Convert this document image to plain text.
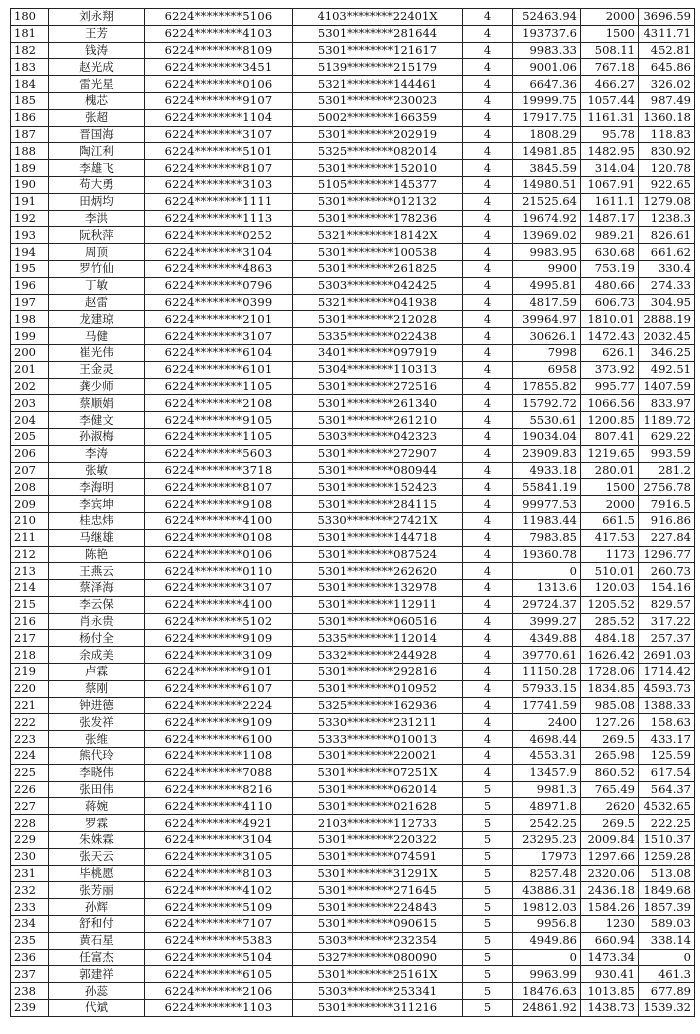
180	刘永翔	6224********5106	4103********22401X	4	52463.94	2000	3696.59
181	王芳	6224********4103	5301********281644	4	193737.6	1500	4311.71
182	钱涛	6224********8109	5301********121617	4	9983.33	508.11	452.81
183	赵光成	6224********3451	5139********215179	4	9001.06	767.18	645.86
184	雷光星	6224********0106	5321********144461	4	6647.36	466.27	326.02
185	槐芯	6224********9107	5301********230023	4	19999.75	1057.44	987.49
186	张超	6224********1104	5002********166359	4	17917.75	1161.31	1360.18
187	晋国海	6224********3107	5301********202919	4	1808.29	95.78	118.83
188	陶江利	6224********5101	5325********082014	4	14981.85	1482.95	830.92
189	李雄飞	6224********8107	5301********152010	4	3845.59	314.04	120.78
190	苟大勇	6224********3103	5105********145377	4	14980.51	1067.91	922.65
191	田炳均	6224********1111	5301********012132	4	21525.64	1611.1	1279.08
192	李洪	6224********1113	5301********178236	4	19674.92	1487.17	1238.3
193	阮秋萍	6224********0252	5321********18142X	4	13969.02	989.21	826.61
194	周顶	6224********3104	5301********100538	4	9983.95	630.68	661.62
195	罗竹仙	6224********4863	5301********261825	4	9900	753.19	330.4
196	丁敏	6224********0796	5303********042425	4	4995.81	480.66	274.33
197	赵雷	6224********0399	5321********041938	4	4817.59	606.73	304.95
198	龙建琼	6224********2101	5301********212028	4	39964.97	1810.01	2888.19
199	马健	6224********3107	5335********022438	4	30626.1	1472.43	2032.45
200	崔光伟	6224********6104	3401********097919	4	7998	626.1	346.25
201	王金灵	6224********6101	5304********110313	4	6958	373.92	492.51
202	龚少师	6224********1105	5301********272516	4	17855.82	995.77	1407.59
203	蔡顺娟	6224********2108	5301********261340	4	15792.72	1066.56	833.97
204	李健文	6224********9105	5301********261210	4	5530.61	1200.85	1189.72
205	孙淑梅	6224********1105	5303********042323	4	19034.04	807.41	629.22
206	李涛	6224********5603	5301********272907	4	23909.83	1219.65	993.59
207	张敏	6224********3718	5301********080944	4	4933.18	280.01	281.2
208	李海明	6224********8107	5301********152423	4	55841.19	1500	2756.78
209	李宾坤	6224********9108	5301********284115	4	99977.53	2000	7916.5
210	桂忠炜	6224********4100	5330********27421X	4	11983.44	661.5	916.86
211	马继雄	6224********0108	5301********144718	4	7983.85	417.53	227.84
212	陈艳	6224********0106	5301********087524	4	19360.78	1173	1296.77
213	王燕云	6224********0110	5301********262620	4	0	510.01	260.73
214	蔡泽海	6224********3107	5301********132978	4	1313.6	120.03	154.16
215	李云保	6224********4100	5301********112911	4	29724.37	1205.52	829.57
216	肖永贵	6224********5102	5301********060516	4	3999.27	285.52	317.22
217	杨付全	6224********9109	5335********112014	4	4349.88	484.18	257.37
218	余成美	6224********3109	5332********244928	4	39770.61	1626.42	2691.03
219	卢霖	6224********9101	5301********292816	4	11150.28	1728.06	1714.42
220	蔡刚	6224********6107	5301********010952	4	57933.15	1834.85	4593.73
221	钟进德	6224********2224	5325********162936	4	17741.59	985.08	1388.33
222	张发祥	6224********9109	5330********231211	4	2400	127.26	158.63
223	张维	6224********6100	5333********010013	4	4698.44	269.5	433.17
224	熊代玲	6224********1108	5301********220021	4	4553.31	265.98	125.59
225	李晓伟	6224********7088	5301********07251X	4	13457.9	860.52	617.54
226	张田伟	6224********8216	5301********062014	5	9981.3	765.49	564.37
227	蒋婉	6224********4110	5301********021628	5	48971.8	2620	4532.65
228	罗霖	6224********4921	2103********112733	5	2542.25	269.5	222.25
229	朱姝霖	6224********3104	5301********220322	5	23295.23	2009.84	1510.37
230	张天云	6224********3105	5301********074591	5	17973	1297.66	1259.28
231	毕桃愿	6224********8103	5301********31291X	5	8257.48	2320.06	513.08
232	张芳丽	6224********4102	5301********271645	5	43886.31	2436.18	1849.68
233	孙辉	6224********5109	5301********224843	5	19812.03	1584.26	1857.39
234	舒和付	6224********7107	5301********090615	5	9956.8	1230	589.03
235	黄石星	6224********5383	5303********232354	5	4949.86	660.94	338.14
236	任富杰	6224********5104	5327********080090	5	0	1473.34	0
237	郭建祥	6224********6105	5301********25161X	5	9963.99	930.41	461.3
238	孙蕊	6224********2106	5303********253341	5	18476.63	1013.85	677.89
239	代斌	6224********1103	5301********311216	5	24861.92	1438.73	1539.32
